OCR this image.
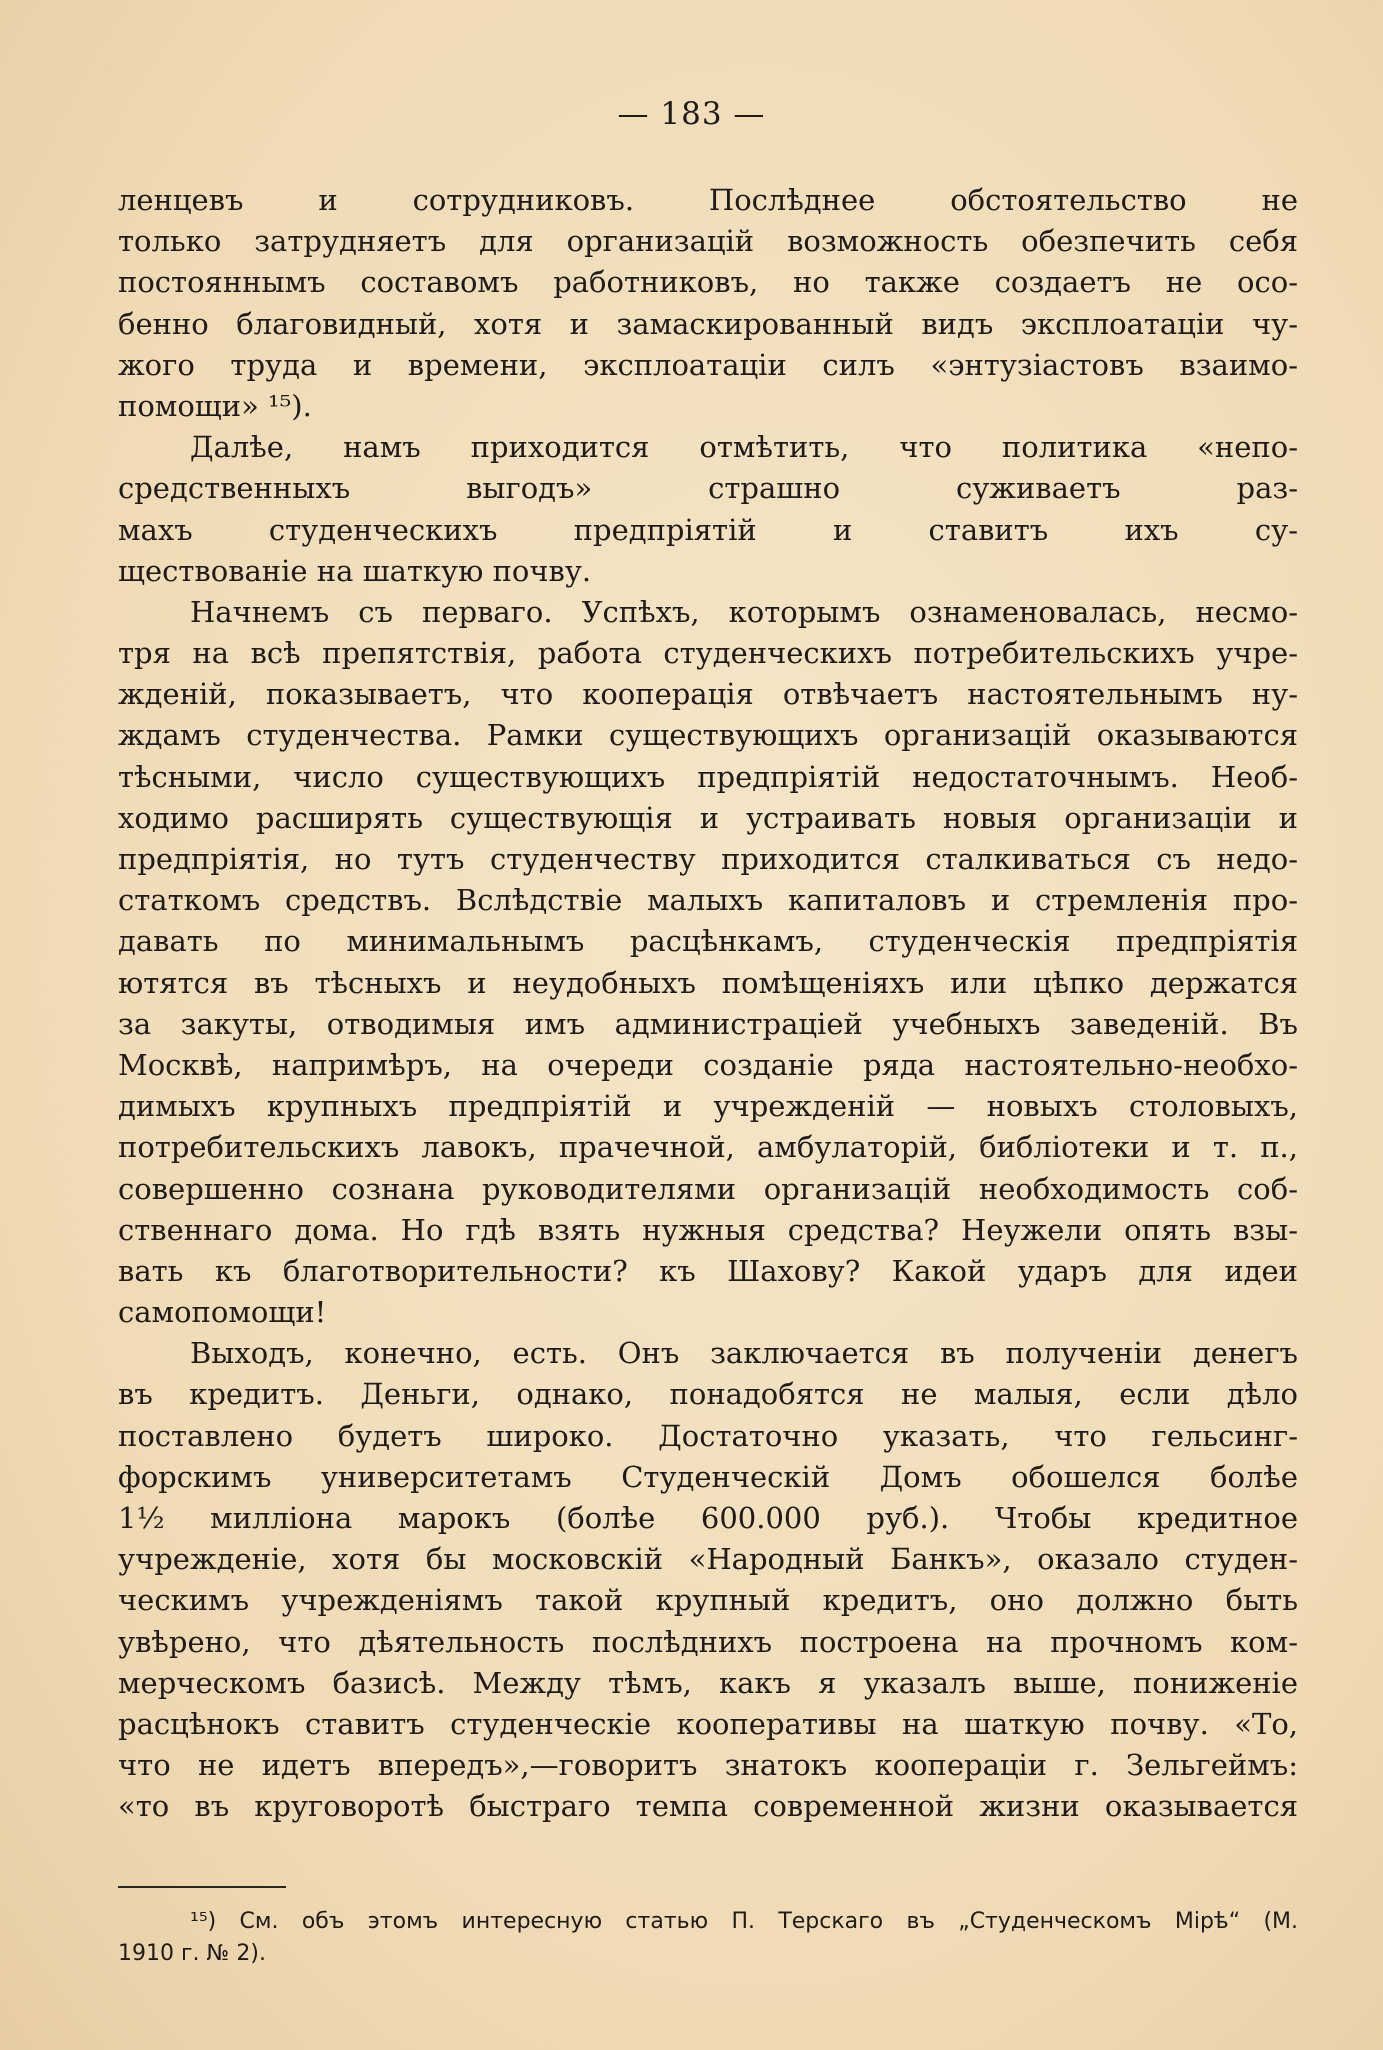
— 183 —
ленцевъ и сотрудниковъ. Послѣднее обстоятельство не
только затрудняетъ для организацій возможность обезпечить себя
постояннымъ составомъ работниковъ, но также создаетъ не осо-
бенно благовидный, хотя и замаскированный видъ эксплоатаціи чу-
жого труда и времени, эксплоатаціи силъ «энтузіастовъ взаимо-
помощи» ¹⁵).
Далѣе, намъ приходится отмѣтить, что политика «непо-
средственныхъ выгодъ» страшно суживаетъ раз-
махъ студенческихъ предпріятій и ставитъ ихъ су-
ществованіе на шаткую почву.
Начнемъ съ перваго. Успѣхъ, которымъ ознаменовалась, несмо-
тря на всѣ препятствія, работа студенческихъ потребительскихъ учре-
жденій, показываетъ, что кооперація отвѣчаетъ настоятельнымъ ну-
ждамъ студенчества. Рамки существующихъ организацій оказываются
тѣсными, число существующихъ предпріятій недостаточнымъ. Необ-
ходимо расширять существующія и устраивать новыя организаціи и
предпріятія, но тутъ студенчеству приходится сталкиваться съ недо-
статкомъ средствъ. Вслѣдствіе малыхъ капиталовъ и стремленія про-
давать по минимальнымъ расцѣнкамъ, студенческія предпріятія
ютятся въ тѣсныхъ и неудобныхъ помѣщеніяхъ или цѣпко держатся
за закуты, отводимыя имъ администраціей учебныхъ заведеній. Въ
Москвѣ, напримѣръ, на очереди созданіе ряда настоятельно-необхо-
димыхъ крупныхъ предпріятій и учрежденій — новыхъ столовыхъ,
потребительскихъ лавокъ, прачечной, амбулаторій, библіотеки и т. п.,
совершенно сознана руководителями организацій необходимость соб-
ственнаго дома. Но гдѣ взять нужныя средства? Неужели опять взы-
вать къ благотворительности? къ Шахову? Какой ударъ для идеи
самопомощи!
Выходъ, конечно, есть. Онъ заключается въ полученіи денегъ
въ кредитъ. Деньги, однако, понадобятся не малыя, если дѣло
поставлено будетъ широко. Достаточно указать, что гельсинг-
форскимъ университетамъ Студенческій Домъ обошелся болѣе
1½ милліона марокъ (болѣе 600.000 руб.). Чтобы кредитное
учрежденіе, хотя бы московскій «Народный Банкъ», оказало студен-
ческимъ учрежденіямъ такой крупный кредитъ, оно должно быть
увѣрено, что дѣятельность послѣднихъ построена на прочномъ ком-
мерческомъ базисѣ. Между тѣмъ, какъ я указалъ выше, пониженіе
расцѣнокъ ставитъ студенческіе кооперативы на шаткую почву. «То,
что не идетъ впередъ»,—говоритъ знатокъ коопераціи г. Зельгеймъ:
«то въ круговоротѣ быстраго темпа современной жизни оказывается
¹⁵) См. объ этомъ интересную статью П. Терскаго въ „Студенческомъ Мірѣ“ (М.
1910 г. № 2).
